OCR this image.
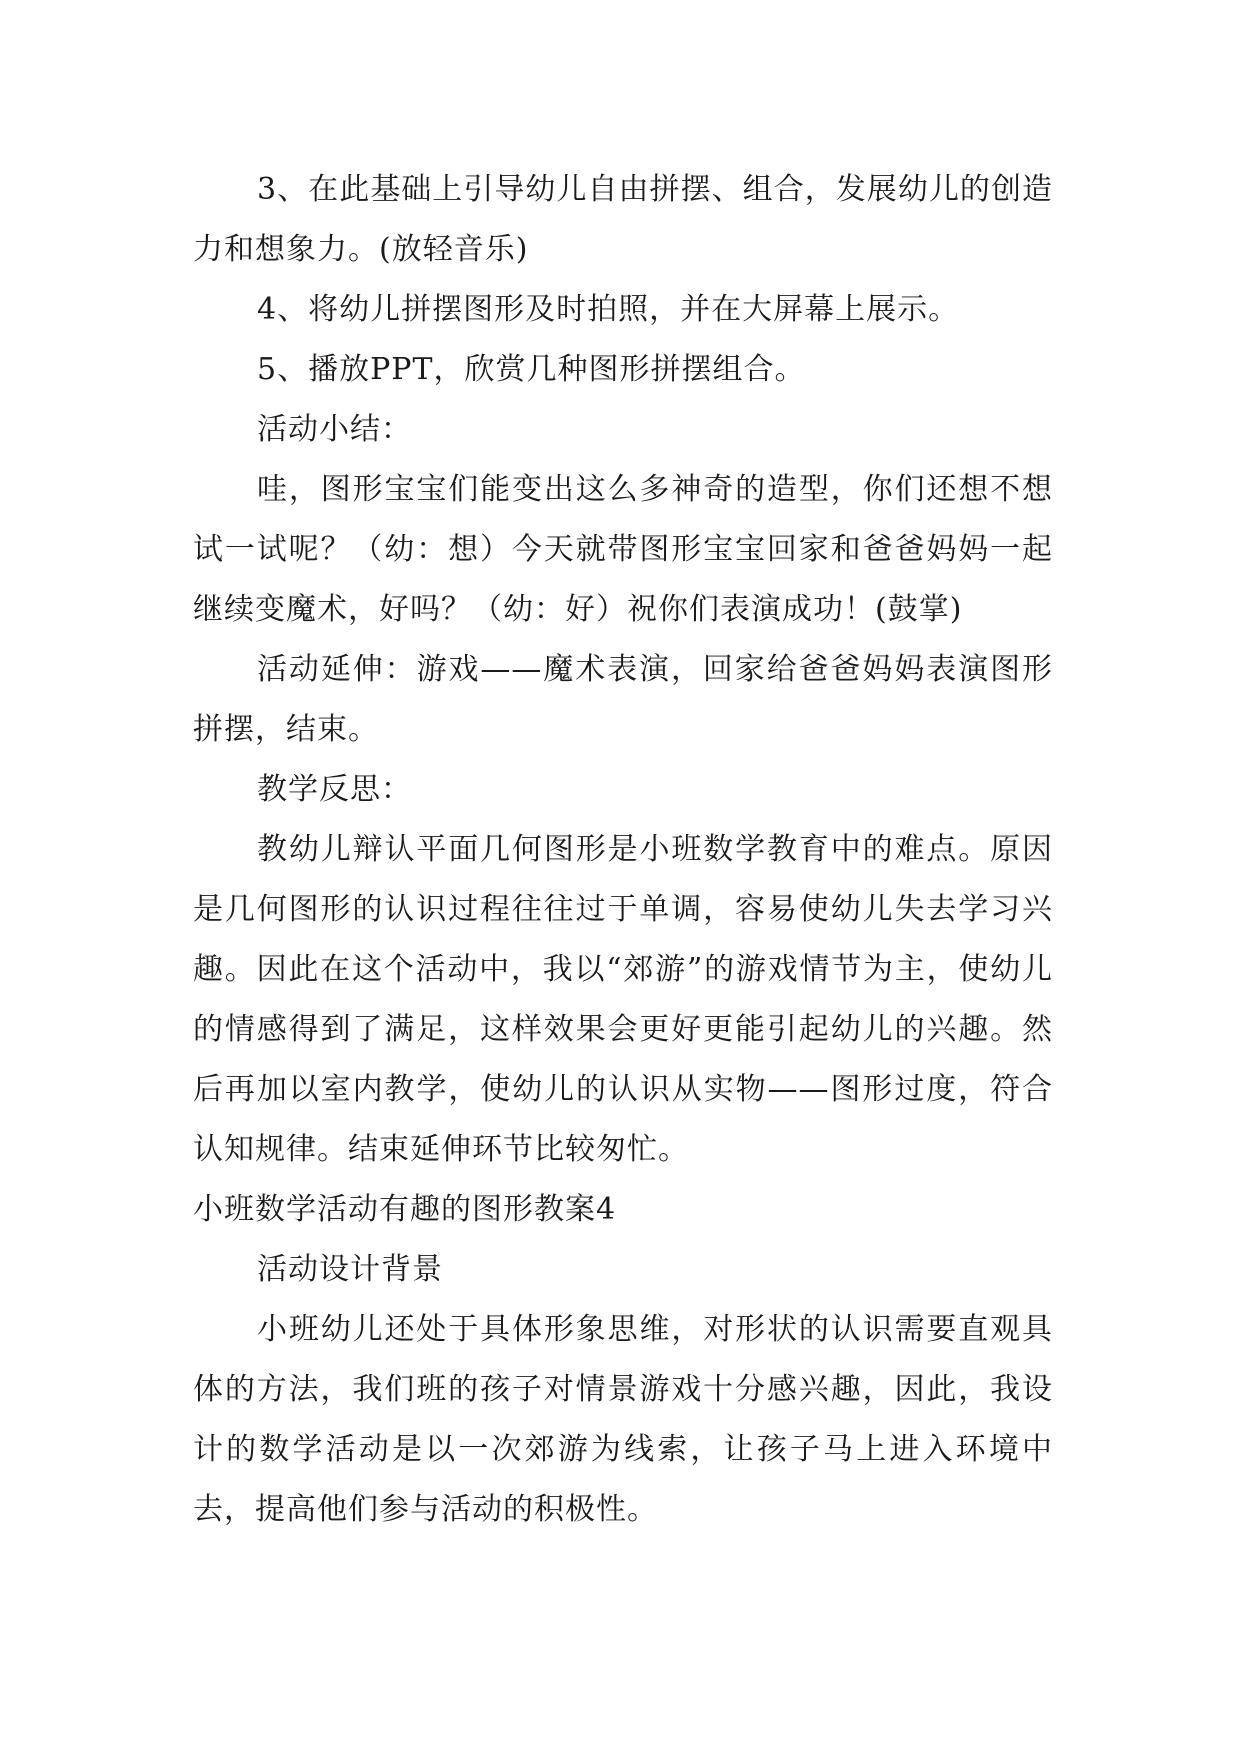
3、在此基础上引导幼儿自由拼摆、组合，发展幼儿的创造力和想象力。(放轻音乐)

4、将幼儿拼摆图形及时拍照，并在大屏幕上展示。

5、播放PPT，欣赏几种图形拼摆组合。

活动小结：

哇，图形宝宝们能变出这么多神奇的造型，你们还想不想试一试呢？（幼：想）今天就带图形宝宝回家和爸爸妈妈一起继续变魔术，好吗？（幼：好）祝你们表演成功！(鼓掌)

活动延伸：游戏——魔术表演，回家给爸爸妈妈表演图形拼摆，结束。

教学反思：

教幼儿辩认平面几何图形是小班数学教育中的难点。原因是几何图形的认识过程往往过于单调，容易使幼儿失去学习兴趣。因此在这个活动中，我以“郊游”的游戏情节为主，使幼儿的情感得到了满足，这样效果会更好更能引起幼儿的兴趣。然后再加以室内教学，使幼儿的认识从实物——图形过度，符合认知规律。结束延伸环节比较匆忙。

小班数学活动有趣的图形教案4

活动设计背景

小班幼儿还处于具体形象思维，对形状的认识需要直观具体的方法，我们班的孩子对情景游戏十分感兴趣，因此，我设计的数学活动是以一次郊游为线索，让孩子马上进入环境中去，提高他们参与活动的积极性。
